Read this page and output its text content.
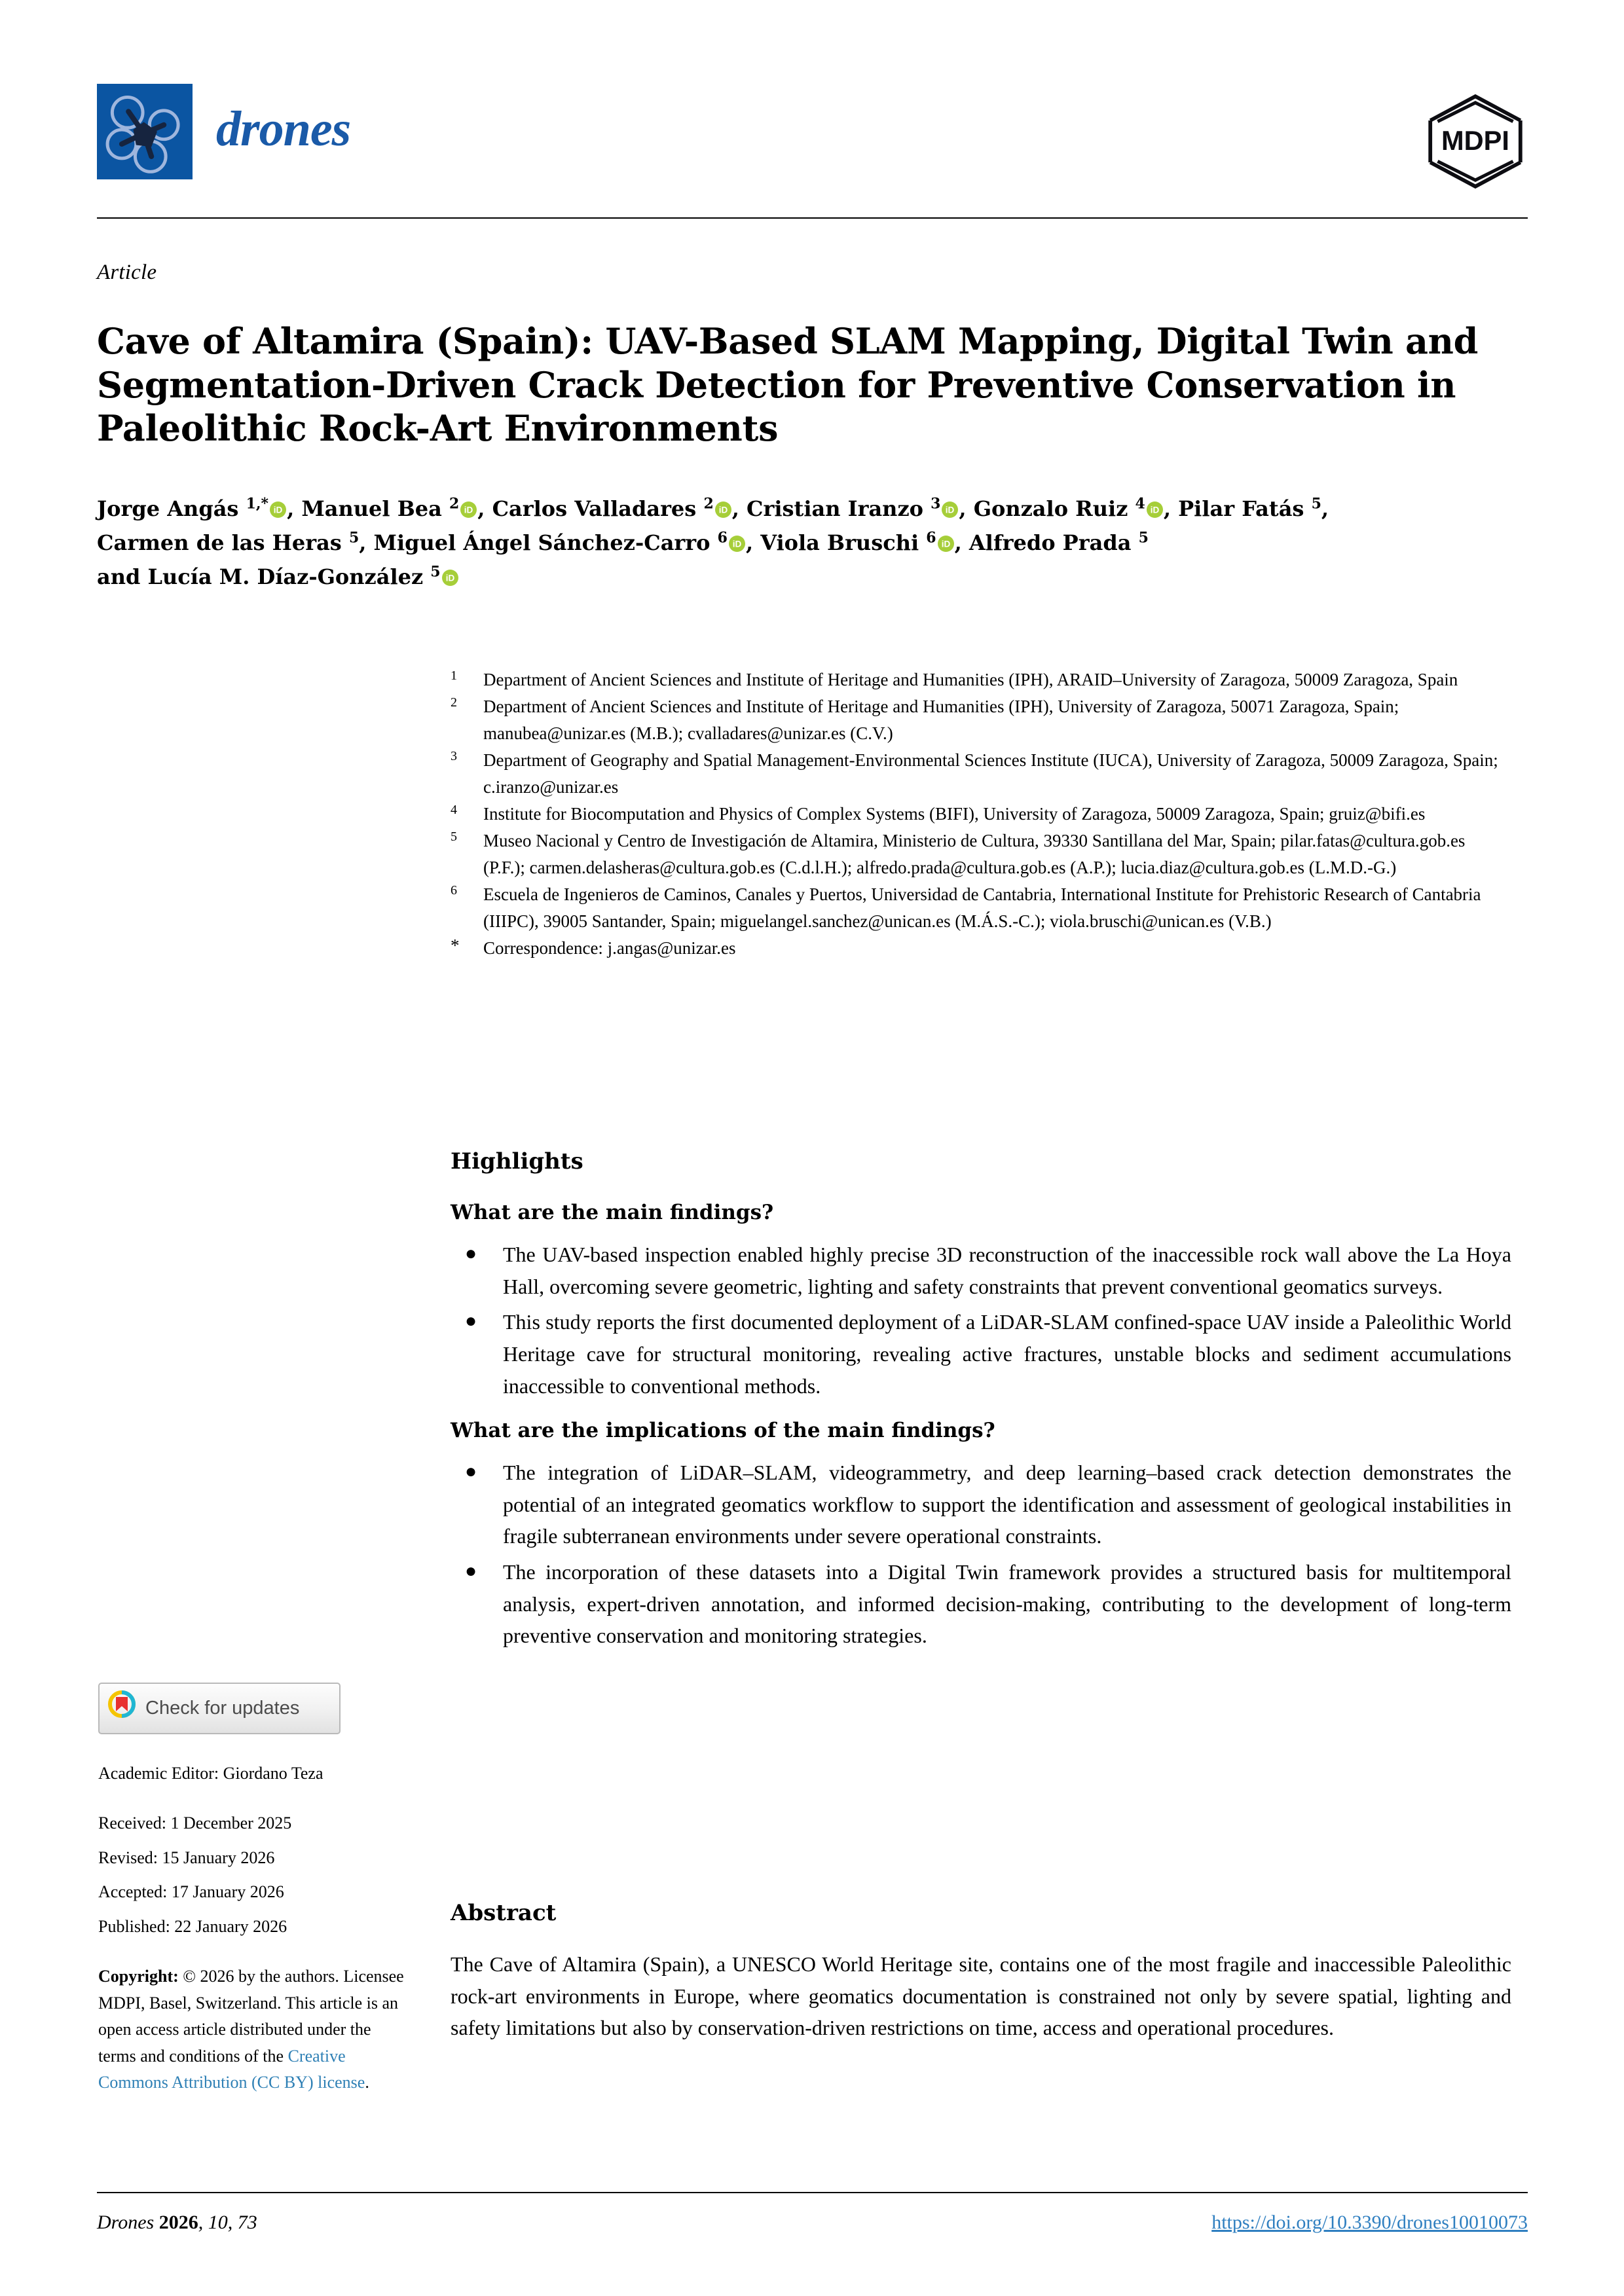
drones	MDPI
Article
Cave of Altamira (Spain): UAV-Based SLAM Mapping, Digital Twin and Segmentation-Driven Crack Detection for Preventive Conservation in Paleolithic Rock-Art Environments
Jorge Angás $^{1,*}$ iD , Manuel Bea $^2$ iD , Carlos Valladares $^2$ iD , Cristian Iranzo $^3$ iD , Gonzalo Ruiz $^4$ iD , Pilar Fatás $^5$,
Carmen de las Heras $^5$, Miguel Ángel Sánchez-Carro $^6$ iD , Viola Bruschi $^6$ iD , Alfredo Prada $^5$
and Lucía M. Díaz-González $^5$ iD
1	Department of Ancient Sciences and Institute of Heritage and Humanities (IPH), ARAID–University of Zaragoza, 50009 Zaragoza, Spain
2	Department of Ancient Sciences and Institute of Heritage and Humanities (IPH), University of Zaragoza, 50071 Zaragoza, Spain; manubea@unizar.es (M.B.); cvalladares@unizar.es (C.V.)
3	Department of Geography and Spatial Management-Environmental Sciences Institute (IUCA), University of Zaragoza, 50009 Zaragoza, Spain; c.iranzo@unizar.es
4	Institute for Biocomputation and Physics of Complex Systems (BIFI), University of Zaragoza, 50009 Zaragoza, Spain; gruiz@bifi.es
5	Museo Nacional y Centro de Investigación de Altamira, Ministerio de Cultura, 39330 Santillana del Mar, Spain; pilar.fatas@cultura.gob.es (P.F.); carmen.delasheras@cultura.gob.es (C.d.l.H.); alfredo.prada@cultura.gob.es (A.P.); lucia.diaz@cultura.gob.es (L.M.D.-G.)
6	Escuela de Ingenieros de Caminos, Canales y Puertos, Universidad de Cantabria, International Institute for Prehistoric Research of Cantabria (IIIPC), 39005 Santander, Spain; miguelangel.sanchez@unican.es (M.Á.S.-C.); viola.bruschi@unican.es (V.B.)
*	Correspondence: j.angas@unizar.es
Highlights
What are the main findings?
● The UAV-based inspection enabled highly precise 3D reconstruction of the inaccessible rock wall above the La Hoya Hall, overcoming severe geometric, lighting and safety constraints that prevent conventional geomatics surveys.
● This study reports the first documented deployment of a LiDAR-SLAM confined-space UAV inside a Paleolithic World Heritage cave for structural monitoring, revealing active fractures, unstable blocks and sediment accumulations inaccessible to conventional methods.
What are the implications of the main findings?
● The integration of LiDAR–SLAM, videogrammetry, and deep learning–based crack detection demonstrates the potential of an integrated geomatics workflow to support the identification and assessment of geological instabilities in fragile subterranean environments under severe operational constraints.
● The incorporation of these datasets into a Digital Twin framework provides a structured basis for multitemporal analysis, expert-driven annotation, and informed decision-making, contributing to the development of long-term preventive conservation and monitoring strategies.
Abstract
The Cave of Altamira (Spain), a UNESCO World Heritage site, contains one of the most fragile and inaccessible Paleolithic rock-art environments in Europe, where geomatics documentation is constrained not only by severe spatial, lighting and safety limitations but also by conservation-driven restrictions on time, access and operational procedures.
Check for updates
Academic Editor: Giordano Teza
Received: 1 December 2025
Revised: 15 January 2026
Accepted: 17 January 2026
Published: 22 January 2026
Copyright: © 2026 by the authors. Licensee MDPI, Basel, Switzerland. This article is an open access article distributed under the terms and conditions of the Creative Commons Attribution (CC BY) license.
Drones 2026, 10, 73	https://doi.org/10.3390/drones10010073
